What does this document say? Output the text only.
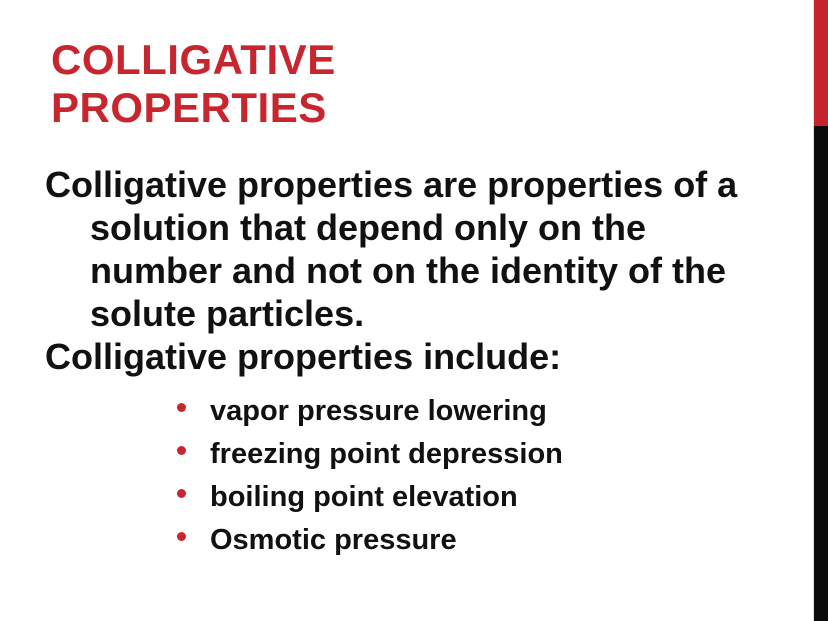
COLLIGATIVE
PROPERTIES
Colligative properties are properties of a
solution that depend only on the
number and not on the identity of the
solute particles.
Colligative properties include:
vapor pressure lowering
freezing point depression
boiling point elevation
Osmotic pressure
